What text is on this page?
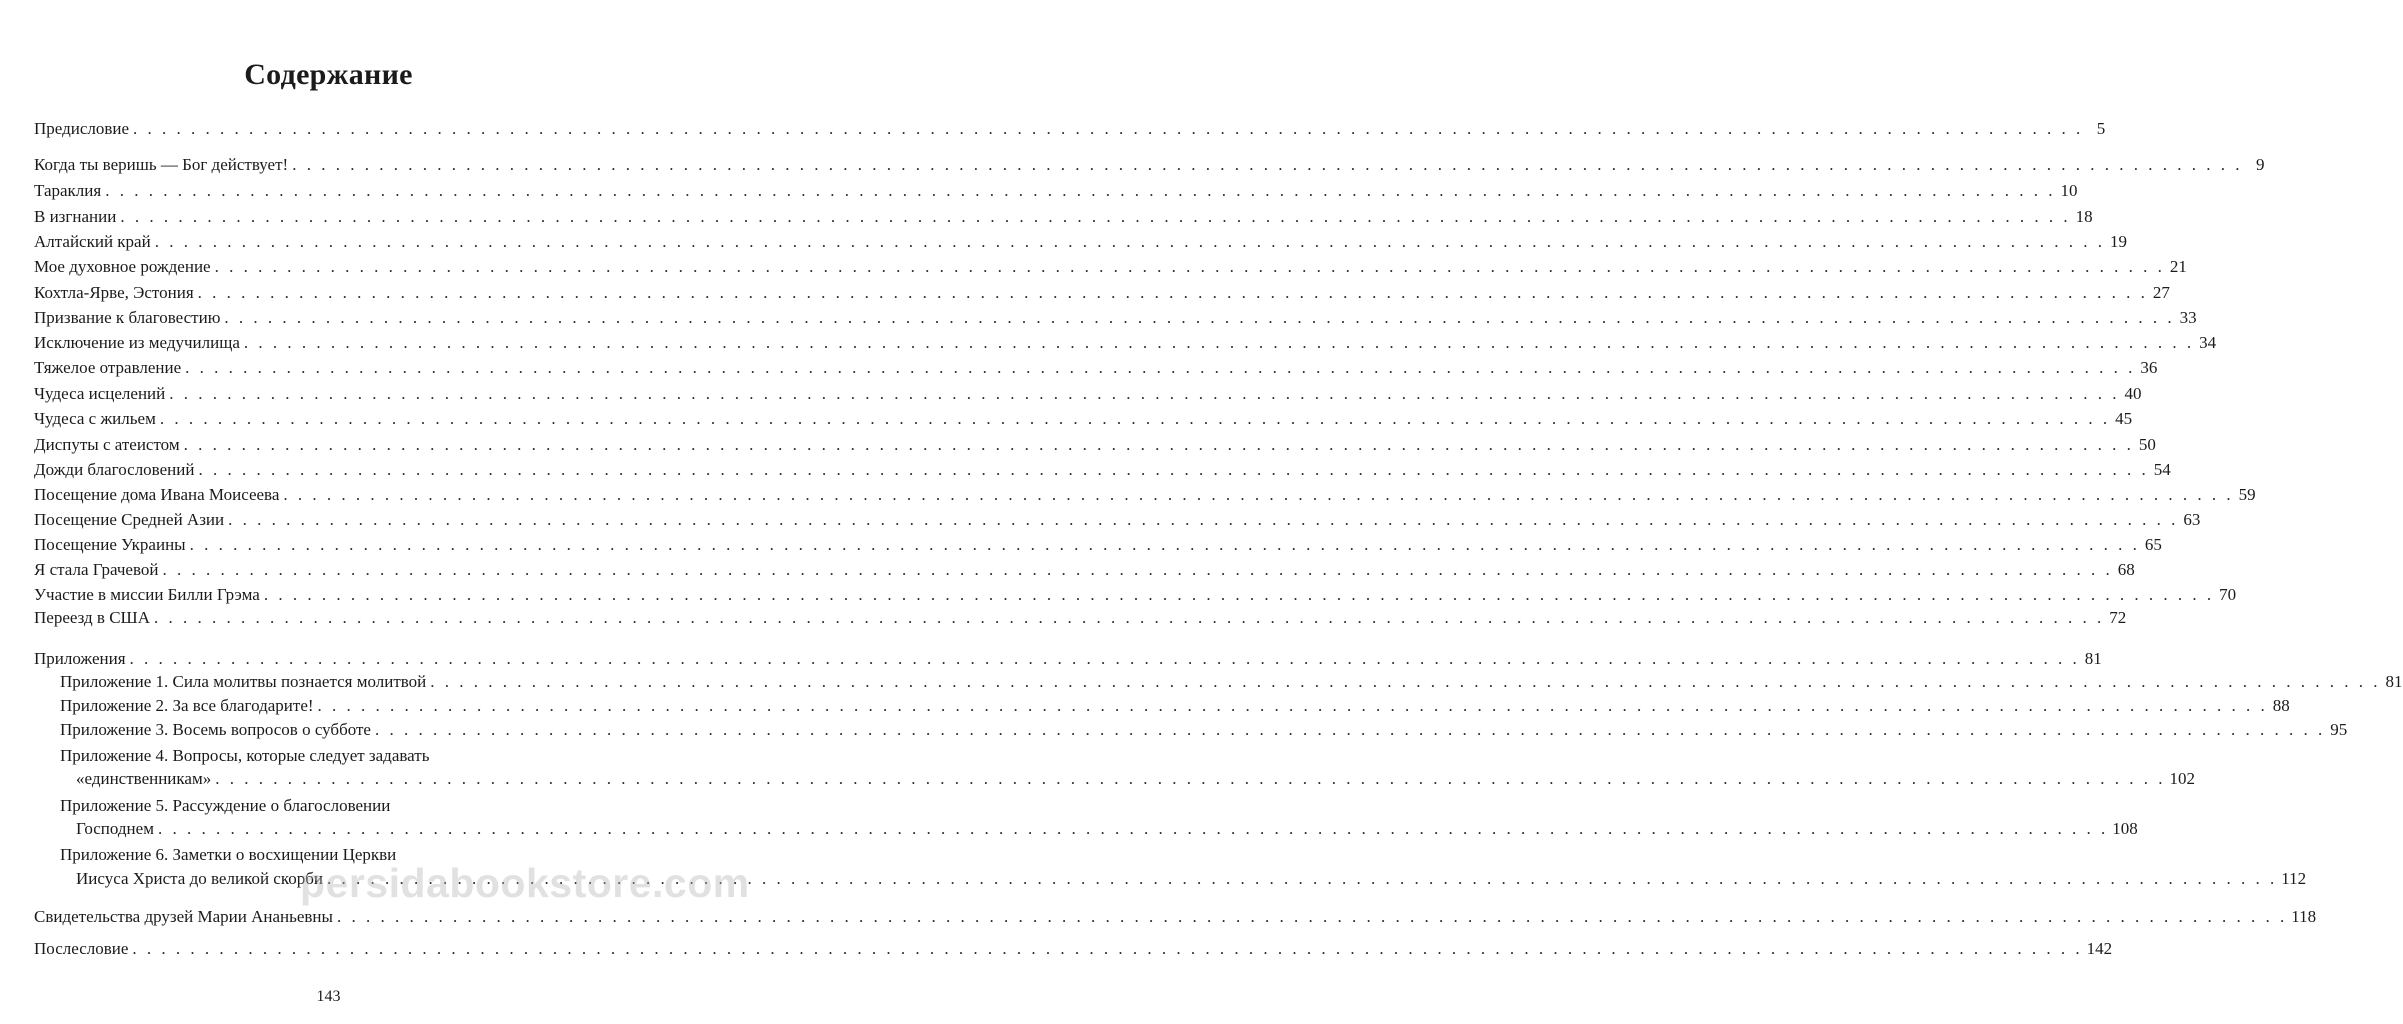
Содержание
Предисловие . . .	5
Когда ты веришь — Бог действует! . . .	9
Тараклия . . .	10
В изгнании . . .	18
Алтайский край . . .	19
Мое духовное рождение . . .	21
Кохтла-Ярве, Эстония . . .	27
Призвание к благовестию . . .	33
Исключение из медучилища . . .	34
Тяжелое отравление . . .	36
Чудеса исцелений . . .	40
Чудеса с жильем . . .	45
Диспуты с атеистом . . .	50
Дожди благословений . . .	54
Посещение дома Ивана Моисеева . . .	59
Посещение Средней Азии . . .	63
Посещение Украины . . .	65
Я стала Грачевой . . .	68
Участие в миссии Билли Грэма . . .	70
Переезд в США . . .	72
Приложения . . .	81
Приложение 1. Сила молитвы познается молитвой . . .	81
Приложение 2. За все благодарите! . . .	88
Приложение 3. Восемь вопросов о субботе . . .	95
Приложение 4. Вопросы, которые следует задавать
«единственникам» . . .	102
Приложение 5. Рассуждение о благословении
Господнем . . .	108
Приложение 6. Заметки о восхищении Церкви
Иисуса Христа до великой скорби . . .	112
Свидетельства друзей Марии Ананьевны . . .	118
Послесловие . . .	142
persidabookstore.com
143
